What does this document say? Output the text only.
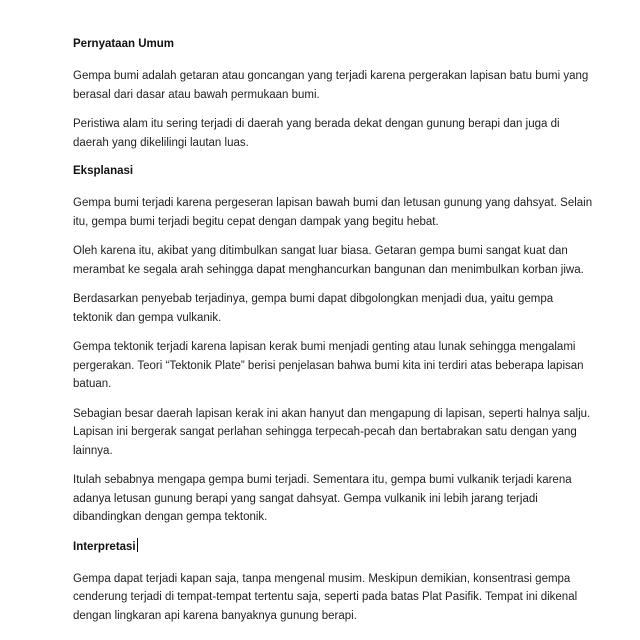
Pernyataan Umum

Gempa bumi adalah getaran atau goncangan yang terjadi karena pergerakan lapisan batu bumi yang berasal dari dasar atau bawah permukaan bumi.

Peristiwa alam itu sering terjadi di daerah yang berada dekat dengan gunung berapi dan juga di daerah yang dikelilingi lautan luas.

Eksplanasi

Gempa bumi terjadi karena pergeseran lapisan bawah bumi dan letusan gunung yang dahsyat. Selain itu, gempa bumi terjadi begitu cepat dengan dampak yang begitu hebat.

Oleh karena itu, akibat yang ditimbulkan sangat luar biasa. Getaran gempa bumi sangat kuat dan merambat ke segala arah sehingga dapat menghancurkan bangunan dan menimbulkan korban jiwa.

Berdasarkan penyebab terjadinya, gempa bumi dapat dibgolongkan menjadi dua, yaitu gempa tektonik dan gempa vulkanik.

Gempa tektonik terjadi karena lapisan kerak bumi menjadi genting atau lunak sehingga mengalami pergerakan. Teori “Tektonik Plate” berisi penjelasan bahwa bumi kita ini terdiri atas beberapa lapisan batuan.

Sebagian besar daerah lapisan kerak ini akan hanyut dan mengapung di lapisan, seperti halnya salju. Lapisan ini bergerak sangat perlahan sehingga terpecah-pecah dan bertabrakan satu dengan yang lainnya.

Itulah sebabnya mengapa gempa bumi terjadi. Sementara itu, gempa bumi vulkanik terjadi karena adanya letusan gunung berapi yang sangat dahsyat. Gempa vulkanik ini lebih jarang terjadi dibandingkan dengan gempa tektonik.

Interpretasi

Gempa dapat terjadi kapan saja, tanpa mengenal musim. Meskipun demikian, konsentrasi gempa cenderung terjadi di tempat-tempat tertentu saja, seperti pada batas Plat Pasifik. Tempat ini dikenal dengan lingkaran api karena banyaknya gunung berapi.
